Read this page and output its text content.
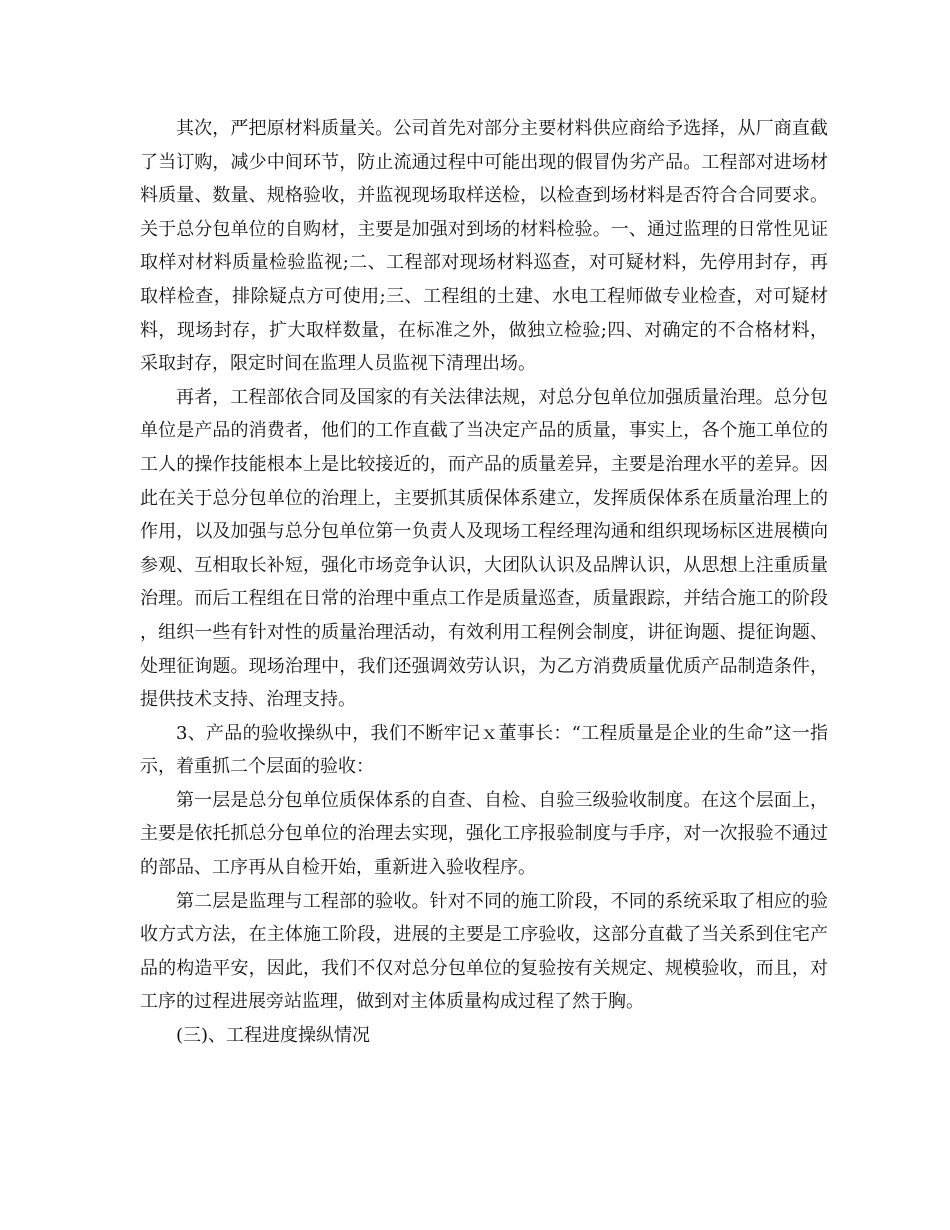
其次，严把原材料质量关。公司首先对部分主要材料供应商给予选择，从厂商直截了当订购，减少中间环节，防止流通过程中可能出现的假冒伪劣产品。工程部对进场材料质量、数量、规格验收，并监视现场取样送检，以检查到场材料是否符合合同要求。关于总分包单位的自购材，主要是加强对到场的材料检验。一、通过监理的日常性见证取样对材料质量检验监视;二、工程部对现场材料巡查，对可疑材料，先停用封存，再取样检查，排除疑点方可使用;三、工程组的土建、水电工程师做专业检查，对可疑材料，现场封存，扩大取样数量，在标准之外，做独立检验;四、对确定的不合格材料，采取封存，限定时间在监理人员监视下清理出场。

再者，工程部依合同及国家的有关法律法规，对总分包单位加强质量治理。总分包单位是产品的消费者，他们的工作直截了当决定产品的质量，事实上，各个施工单位的工人的操作技能根本上是比较接近的，而产品的质量差异，主要是治理水平的差异。因此在关于总分包单位的治理上，主要抓其质保体系建立，发挥质保体系在质量治理上的作用，以及加强与总分包单位第一负责人及现场工程经理沟通和组织现场标区进展横向参观、互相取长补短，强化市场竞争认识，大团队认识及品牌认识，从思想上注重质量治理。而后工程组在日常的治理中重点工作是质量巡查，质量跟踪，并结合施工的阶段，组织一些有针对性的质量治理活动，有效利用工程例会制度，讲征询题、提征询题、处理征询题。现场治理中，我们还强调效劳认识，为乙方消费质量优质产品制造条件，提供技术支持、治理支持。

3、产品的验收操纵中，我们不断牢记ｘ董事长：“工程质量是企业的生命”这一指示，着重抓二个层面的验收：

第一层是总分包单位质保体系的自查、自检、自验三级验收制度。在这个层面上，主要是依托抓总分包单位的治理去实现，强化工序报验制度与手序，对一次报验不通过的部品、工序再从自检开始，重新进入验收程序。

第二层是监理与工程部的验收。针对不同的施工阶段，不同的系统采取了相应的验收方式方法，在主体施工阶段，进展的主要是工序验收，这部分直截了当关系到住宅产品的构造平安，因此，我们不仅对总分包单位的复验按有关规定、规模验收，而且，对工序的过程进展旁站监理，做到对主体质量构成过程了然于胸。

(三)、工程进度操纵情况
